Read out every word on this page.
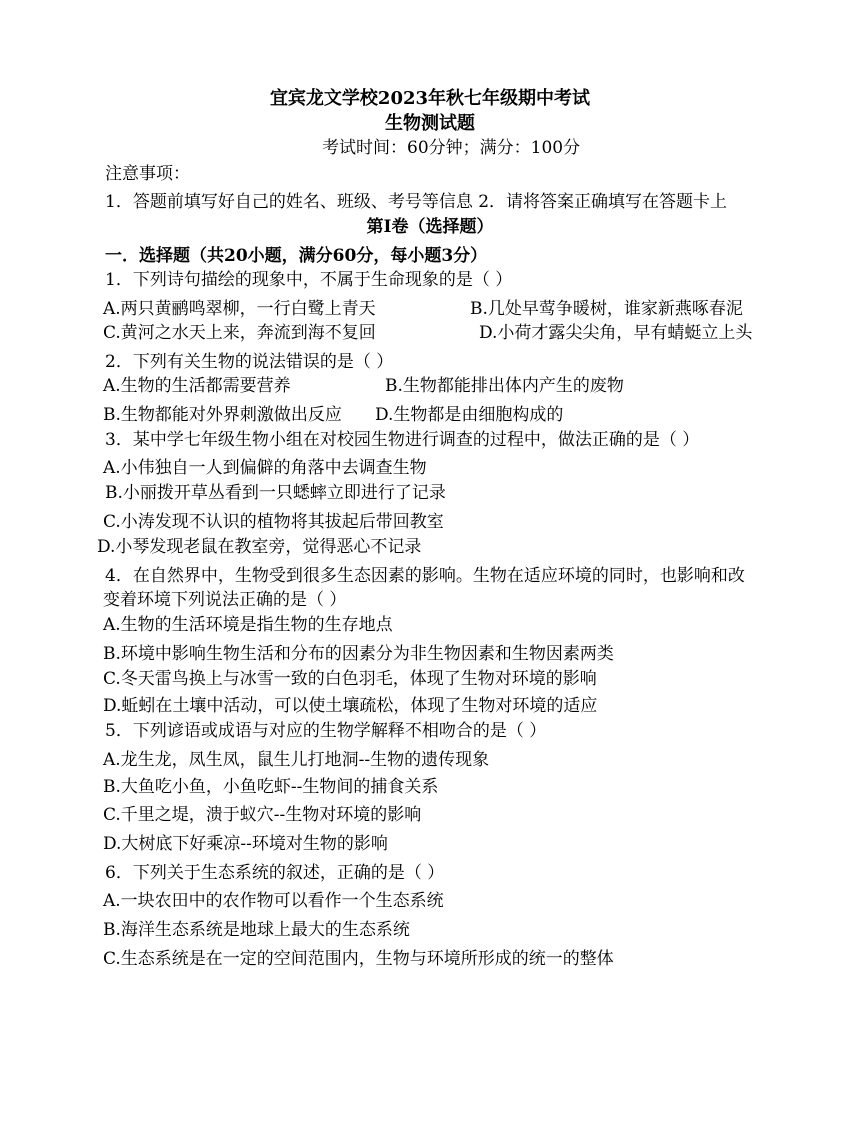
宜宾龙文学校2023年秋七年级期中考试
生物测试题
考试时间：60分钟；满分：100分
注意事项：
1．答题前填写好自己的姓名、班级、考号等信息 2．请将答案正确填写在答题卡上
第Ⅰ卷（选择题）
一．选择题（共20小题，满分60分，每小题3分）
1．下列诗句描绘的现象中，不属于生命现象的是（ ）
A.两只黄鹂鸣翠柳，一行白鹭上青天	B.几处早莺争暖树，谁家新燕啄春泥
C.黄河之水天上来，奔流到海不复回	D.小荷才露尖尖角，早有蜻蜓立上头
2．下列有关生物的说法错误的是（ ）
A.生物的生活都需要营养	B.生物都能排出体内产生的废物
B.生物都能对外界刺激做出反应 D.生物都是由细胞构成的
3．某中学七年级生物小组在对校园生物进行调查的过程中，做法正确的是（ ）
A.小伟独自一人到偏僻的角落中去调查生物
B.小丽拨开草丛看到一只蟋蟀立即进行了记录
C.小涛发现不认识的植物将其拔起后带回教室
D.小琴发现老鼠在教室旁，觉得恶心不记录
4．在自然界中，生物受到很多生态因素的影响。生物在适应环境的同时，也影响和改
变着环境下列说法正确的是（ ）
A.生物的生活环境是指生物的生存地点
B.环境中影响生物生活和分布的因素分为非生物因素和生物因素两类
C.冬天雷鸟换上与冰雪一致的白色羽毛，体现了生物对环境的影响
D.蚯蚓在土壤中活动，可以使土壤疏松，体现了生物对环境的适应
5．下列谚语或成语与对应的生物学解释不相吻合的是（ ）
A.龙生龙，凤生凤，鼠生儿打地洞--生物的遗传现象
B.大鱼吃小鱼，小鱼吃虾--生物间的捕食关系
C.千里之堤，溃于蚁穴--生物对环境的影响
D.大树底下好乘凉--环境对生物的影响
6．下列关于生态系统的叙述，正确的是（ ）
A.一块农田中的农作物可以看作一个生态系统
B.海洋生态系统是地球上最大的生态系统
C.生态系统是在一定的空间范围内，生物与环境所形成的统一的整体
